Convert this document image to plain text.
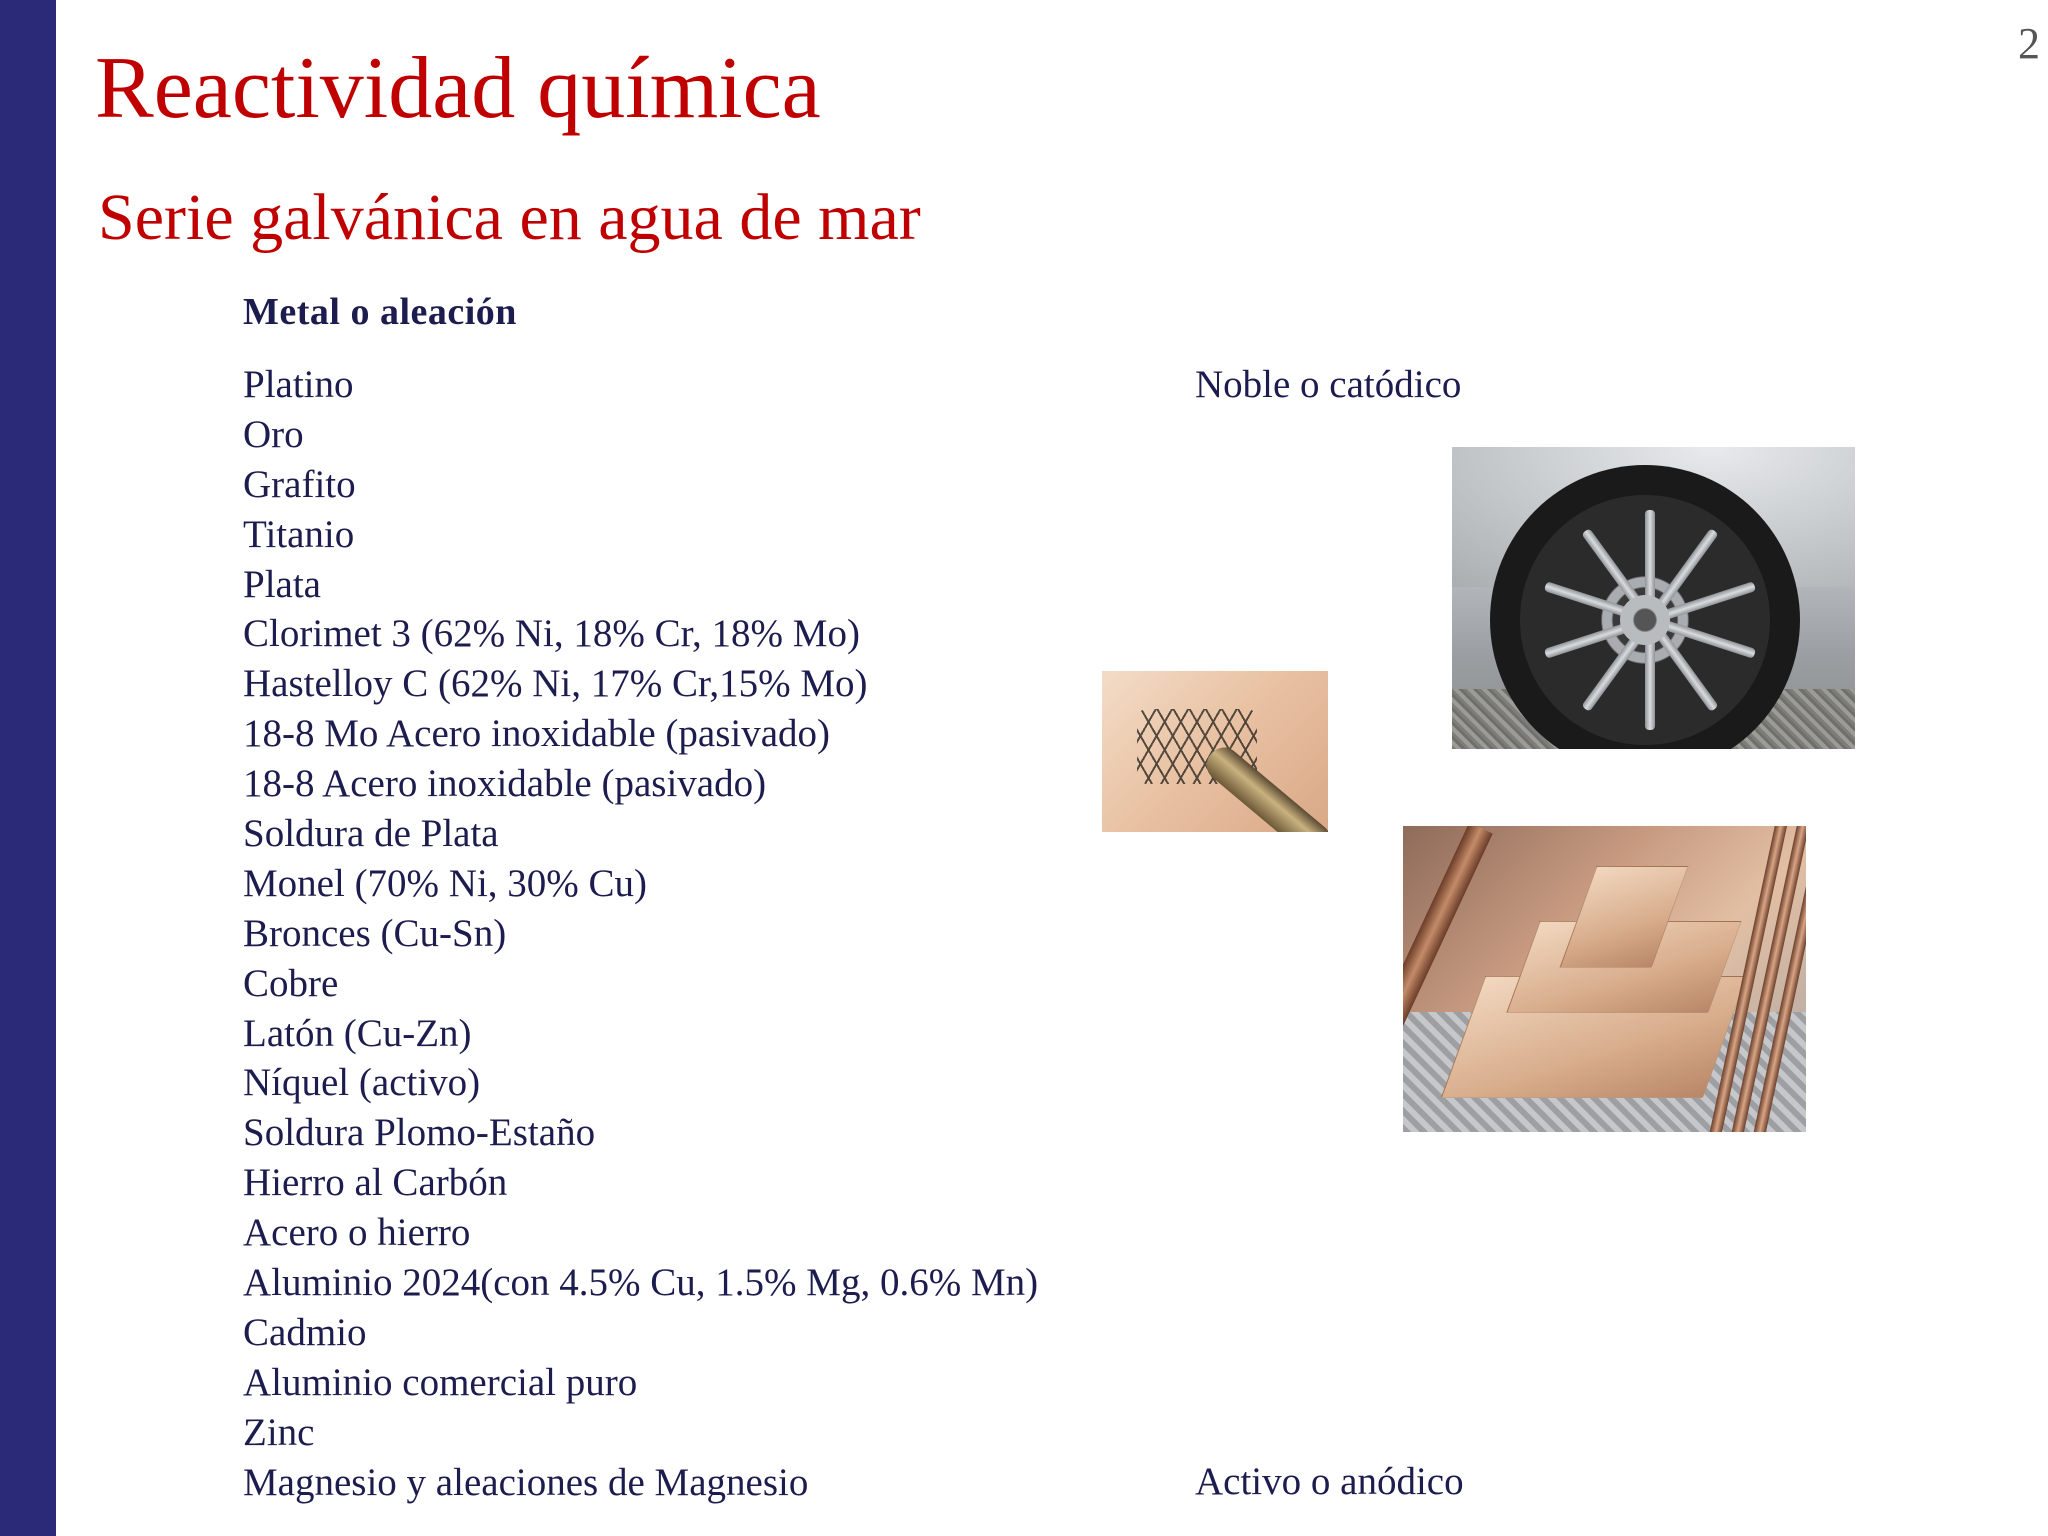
2
Reactividad química
Serie galvánica en agua de mar
Metal o aleación
Platino
Oro
Grafito
Titanio
Plata
Clorimet 3 (62% Ni, 18% Cr, 18% Mo)
Hastelloy C (62% Ni, 17% Cr,15% Mo)
18-8 Mo Acero inoxidable (pasivado)
18-8 Acero inoxidable (pasivado)
Soldura de Plata
Monel (70% Ni, 30% Cu)
Bronces (Cu-Sn)
Cobre
Latón (Cu-Zn)
Níquel (activo)
Soldura Plomo-Estaño
Hierro al Carbón
Acero o hierro
Aluminio 2024(con 4.5% Cu, 1.5% Mg, 0.6% Mn)
Cadmio
Aluminio comercial puro
Zinc
Magnesio y aleaciones de Magnesio
Noble o catódico
Activo o anódico
